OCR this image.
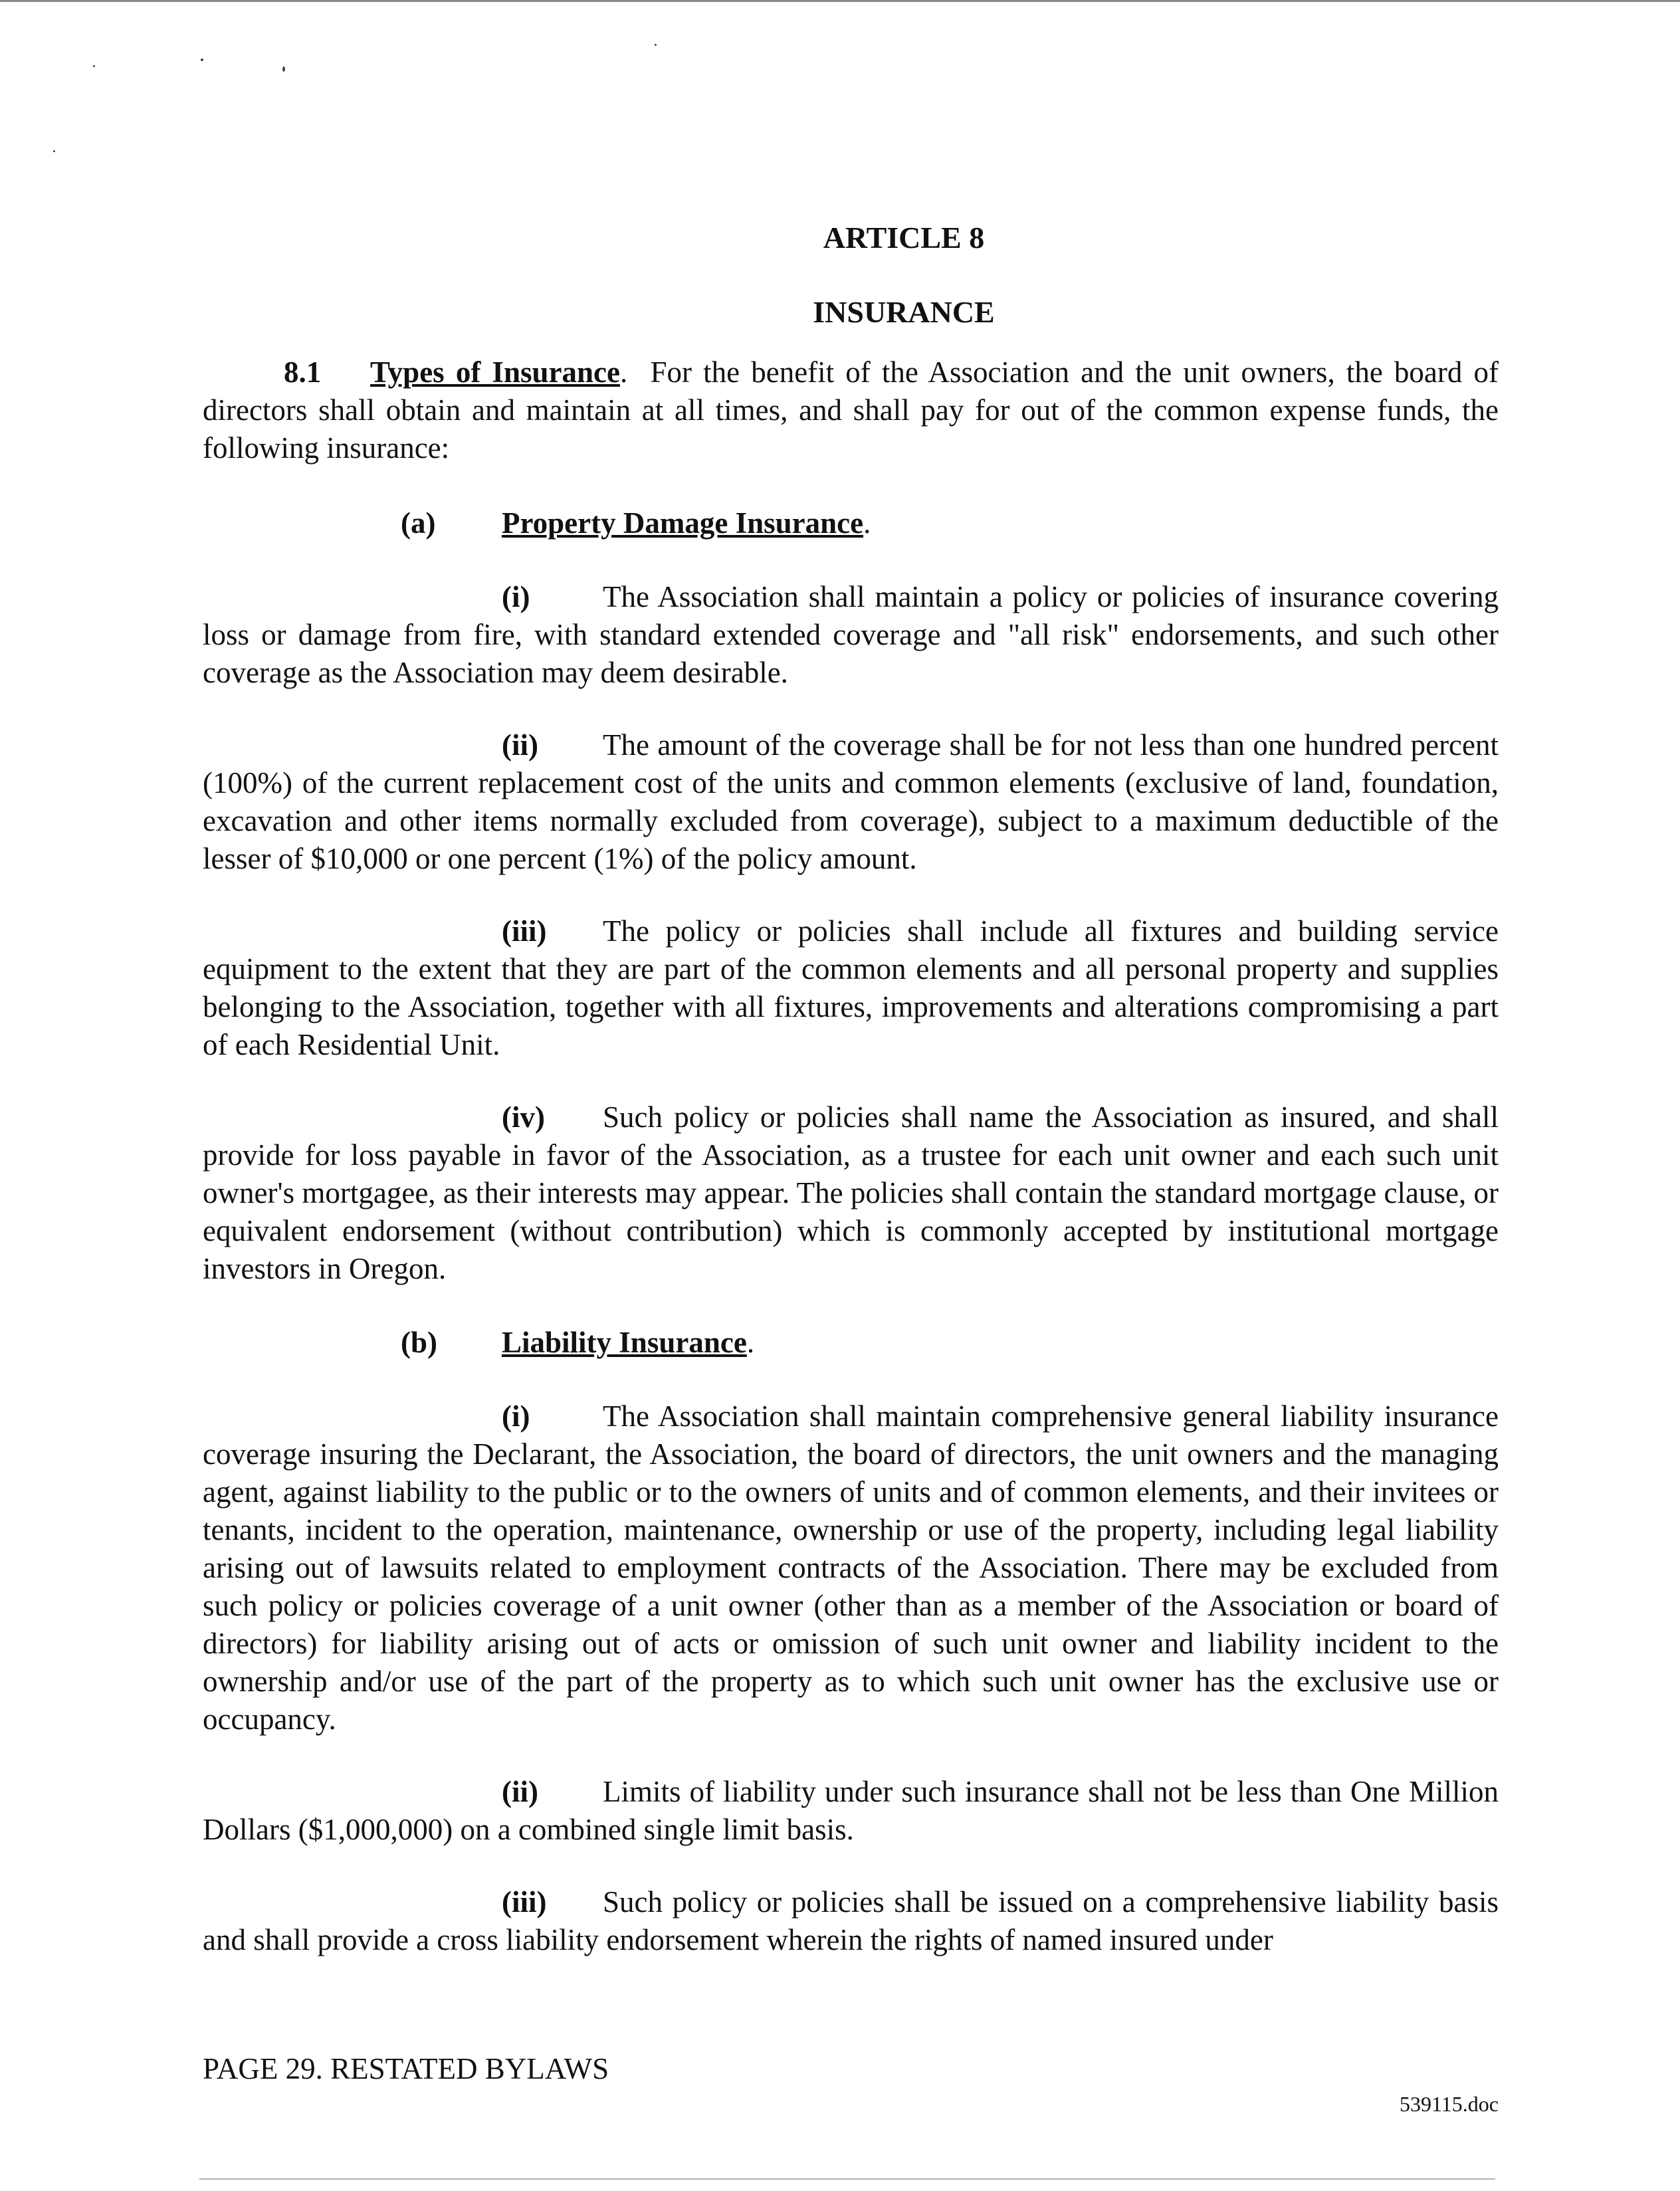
ARTICLE 8
INSURANCE

8.1 Types of Insurance. For the benefit of the Association and the unit owners, the board of directors shall obtain and maintain at all times, and shall pay for out of the common expense funds, the following insurance:

(a) Property Damage Insurance.

(i) The Association shall maintain a policy or policies of insurance covering loss or damage from fire, with standard extended coverage and "all risk" endorsements, and such other coverage as the Association may deem desirable.

(ii) The amount of the coverage shall be for not less than one hundred percent (100%) of the current replacement cost of the units and common elements (exclusive of land, foundation, excavation and other items normally excluded from coverage), subject to a maximum deductible of the lesser of $10,000 or one percent (1%) of the policy amount.

(iii) The policy or policies shall include all fixtures and building service equipment to the extent that they are part of the common elements and all personal property and supplies belonging to the Association, together with all fixtures, improvements and alterations compromising a part of each Residential Unit.

(iv) Such policy or policies shall name the Association as insured, and shall provide for loss payable in favor of the Association, as a trustee for each unit owner and each such unit owner's mortgagee, as their interests may appear. The policies shall contain the standard mortgage clause, or equivalent endorsement (without contribution) which is commonly accepted by institutional mortgage investors in Oregon.

(b) Liability Insurance.

(i) The Association shall maintain comprehensive general liability insurance coverage insuring the Declarant, the Association, the board of directors, the unit owners and the managing agent, against liability to the public or to the owners of units and of common elements, and their invitees or tenants, incident to the operation, maintenance, ownership or use of the property, including legal liability arising out of lawsuits related to employment contracts of the Association. There may be excluded from such policy or policies coverage of a unit owner (other than as a member of the Association or board of directors) for liability arising out of acts or omission of such unit owner and liability incident to the ownership and/or use of the part of the property as to which such unit owner has the exclusive use or occupancy.

(ii) Limits of liability under such insurance shall not be less than One Million Dollars ($1,000,000) on a combined single limit basis.

(iii) Such policy or policies shall be issued on a comprehensive liability basis and shall provide a cross liability endorsement wherein the rights of named insured under

PAGE 29. RESTATED BYLAWS
539115.doc
